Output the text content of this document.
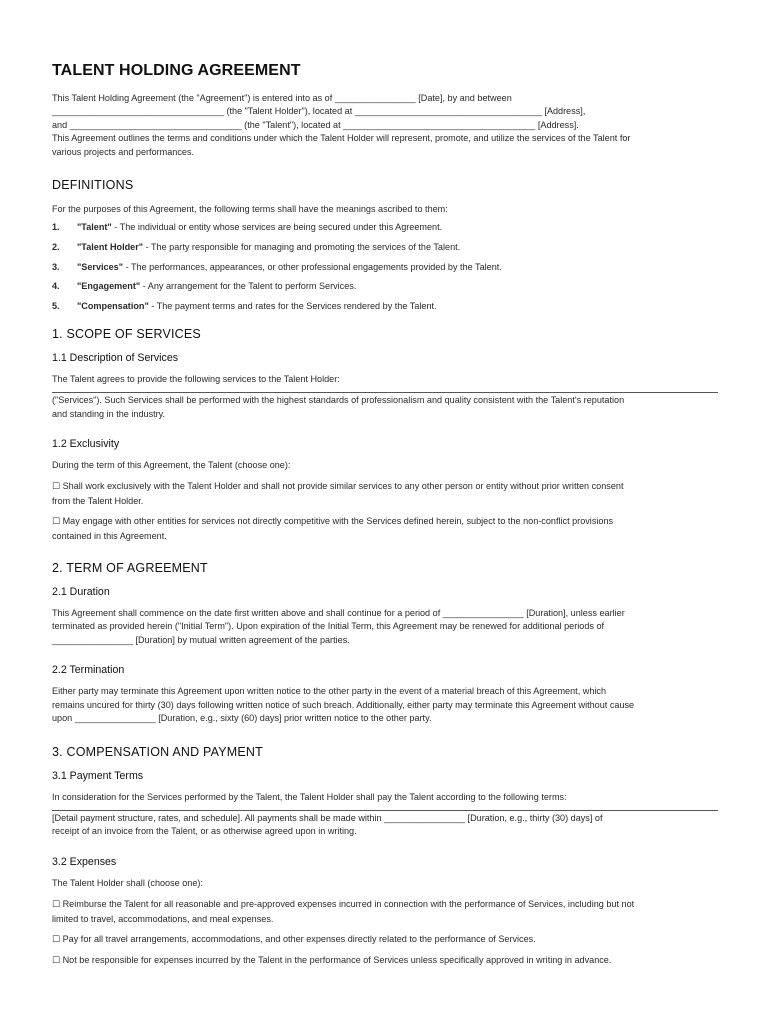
TALENT HOLDING AGREEMENT

This Talent Holding Agreement (the "Agreement") is entered into as of ________________ [Date], by and between

__________________________________ (the "Talent Holder"), located at _____________________________________ [Address],

and __________________________________ (the "Talent"), located at ______________________________________ [Address].

This Agreement outlines the terms and conditions under which the Talent Holder will represent, promote, and utilize the services of the Talent for

various projects and performances.

DEFINITIONS

For the purposes of this Agreement, the following terms shall have the meanings ascribed to them:

1.	"Talent" - The individual or entity whose services are being secured under this Agreement.
2.	"Talent Holder" - The party responsible for managing and promoting the services of the Talent.
3.	"Services" - The performances, appearances, or other professional engagements provided by the Talent.
4.	"Engagement" - Any arrangement for the Talent to perform Services.
5.	"Compensation" - The payment terms and rates for the Services rendered by the Talent.
1. SCOPE OF SERVICES
1.1 Description of Services

The Talent agrees to provide the following services to the Talent Holder:

("Services"). Such Services shall be performed with the highest standards of professionalism and quality consistent with the Talent's reputation

and standing in the industry.

1.2 Exclusivity

During the term of this Agreement, the Talent (choose one):

☐ Shall work exclusively with the Talent Holder and shall not provide similar services to any other person or entity without prior written consent

from the Talent Holder.

☐ May engage with other entities for services not directly competitive with the Services defined herein, subject to the non-conflict provisions

contained in this Agreement.

2. TERM OF AGREEMENT
2.1 Duration

This Agreement shall commence on the date first written above and shall continue for a period of ________________ [Duration], unless earlier

terminated as provided herein ("Initial Term"). Upon expiration of the Initial Term, this Agreement may be renewed for additional periods of

________________ [Duration] by mutual written agreement of the parties.

2.2 Termination

Either party may terminate this Agreement upon written notice to the other party in the event of a material breach of this Agreement, which

remains uncured for thirty (30) days following written notice of such breach. Additionally, either party may terminate this Agreement without cause

upon ________________ [Duration, e.g., sixty (60) days] prior written notice to the other party.

3. COMPENSATION AND PAYMENT
3.1 Payment Terms

In consideration for the Services performed by the Talent, the Talent Holder shall pay the Talent according to the following terms:

[Detail payment structure, rates, and schedule]. All payments shall be made within ________________ [Duration, e.g., thirty (30) days] of

receipt of an invoice from the Talent, or as otherwise agreed upon in writing.

3.2 Expenses

The Talent Holder shall (choose one):

☐ Reimburse the Talent for all reasonable and pre-approved expenses incurred in connection with the performance of Services, including but not

limited to travel, accommodations, and meal expenses.

☐ Pay for all travel arrangements, accommodations, and other expenses directly related to the performance of Services.

☐ Not be responsible for expenses incurred by the Talent in the performance of Services unless specifically approved in writing in advance.
